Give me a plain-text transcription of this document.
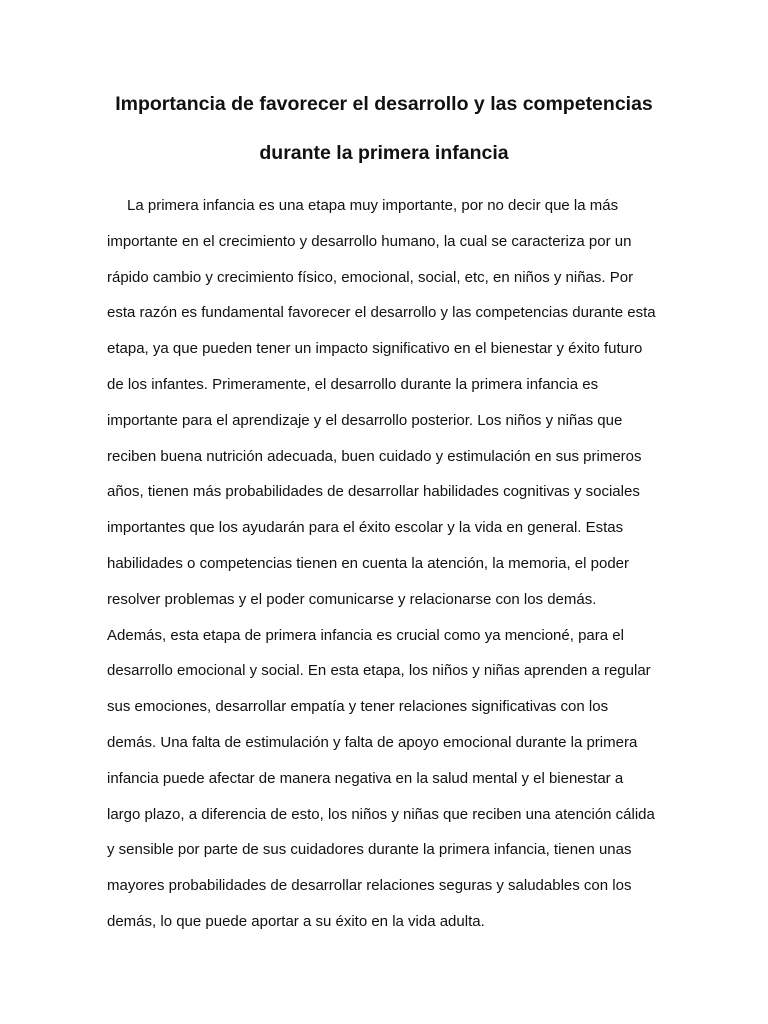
Importancia de favorecer el desarrollo y las competencias
durante la primera infancia
La primera infancia es una etapa muy importante, por no decir que la más
importante en el crecimiento y desarrollo humano, la cual se caracteriza por un
rápido cambio y crecimiento físico, emocional, social, etc, en niños y niñas. Por
esta razón es fundamental favorecer el desarrollo y las competencias durante esta
etapa, ya que pueden tener un impacto significativo en el bienestar y éxito futuro
de los infantes. Primeramente, el desarrollo durante la primera infancia es
importante para el aprendizaje y el desarrollo posterior. Los niños y niñas que
reciben buena nutrición adecuada, buen cuidado y estimulación en sus primeros
años, tienen más probabilidades de desarrollar habilidades cognitivas y sociales
importantes que los ayudarán para el éxito escolar y la vida en general. Estas
habilidades o competencias tienen en cuenta la atención, la memoria, el poder
resolver problemas y el poder comunicarse y relacionarse con los demás.
Además, esta etapa de primera infancia es crucial como ya mencioné, para el
desarrollo emocional y social. En esta etapa, los niños y niñas aprenden a regular
sus emociones, desarrollar empatía y tener relaciones significativas con los
demás. Una falta de estimulación y falta de apoyo emocional durante la primera
infancia puede afectar de manera negativa en la salud mental y el bienestar a
largo plazo, a diferencia de esto, los niños y niñas que reciben una atención cálida
y sensible por parte de sus cuidadores durante la primera infancia, tienen unas
mayores probabilidades de desarrollar relaciones seguras y saludables con los
demás, lo que puede aportar a su éxito en la vida adulta.
